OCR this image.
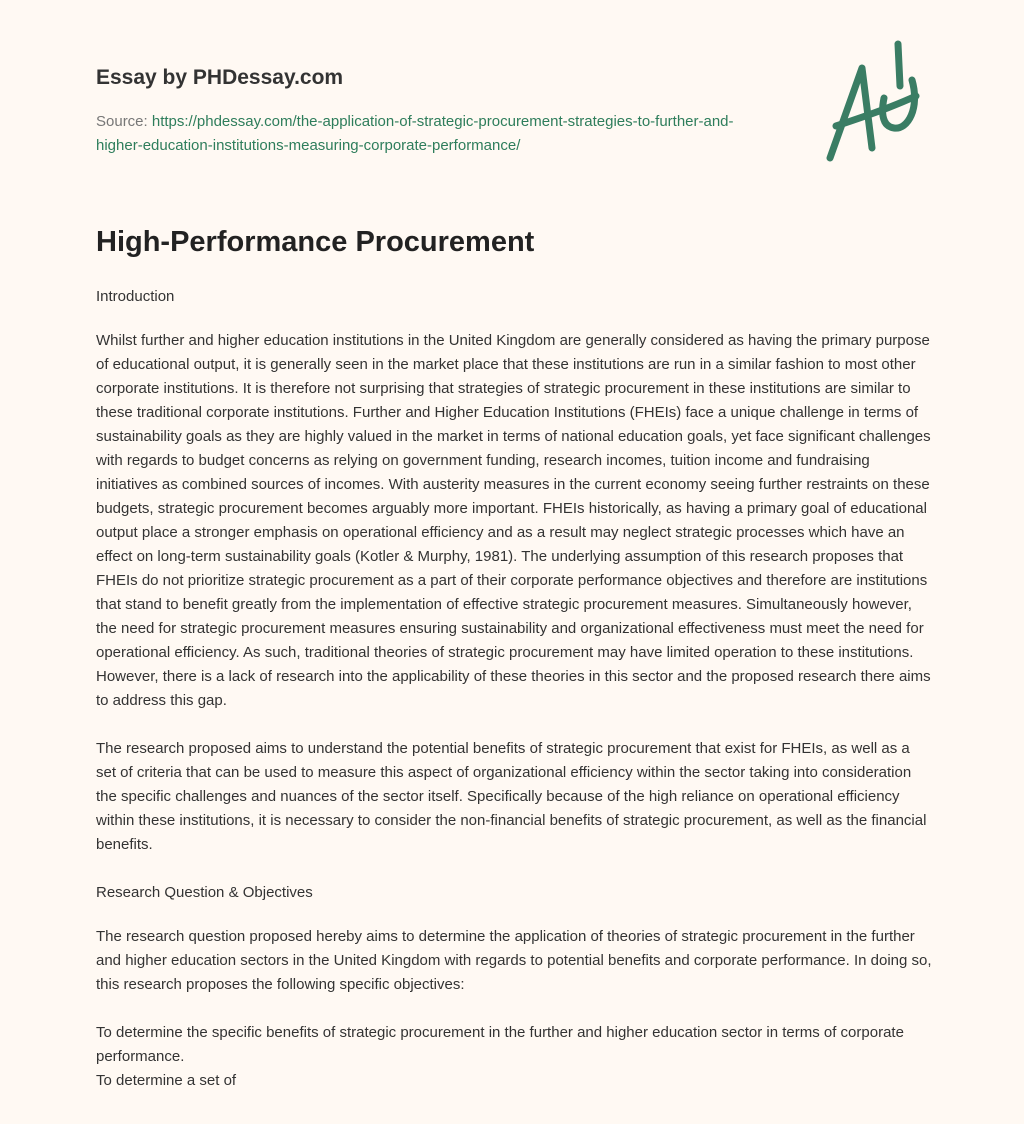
Essay by PHDessay.com

Source: https://phdessay.com/the-application-of-strategic-procurement-strategies-to-further-and-higher-education-institutions-measuring-corporate-performance/
High-Performance Procurement

Introduction

Whilst further and higher education institutions in the United Kingdom are generally considered as having the primary purpose of educational output, it is generally seen in the market place that these institutions are run in a similar fashion to most other corporate institutions. It is therefore not surprising that strategies of strategic procurement in these institutions are similar to these traditional corporate institutions. Further and Higher Education Institutions (FHEIs) face a unique challenge in terms of sustainability goals as they are highly valued in the market in terms of national education goals, yet face significant challenges with regards to budget concerns as relying on government funding, research incomes, tuition income and fundraising initiatives as combined sources of incomes. With austerity measures in the current economy seeing further restraints on these budgets, strategic procurement becomes arguably more important. FHEIs historically, as having a primary goal of educational output place a stronger emphasis on operational efficiency and as a result may neglect strategic processes which have an effect on long-term sustainability goals (Kotler & Murphy, 1981). The underlying assumption of this research proposes that FHEIs do not prioritize strategic procurement as a part of their corporate performance objectives and therefore are institutions that stand to benefit greatly from the implementation of effective strategic procurement measures. Simultaneously however, the need for strategic procurement measures ensuring sustainability and organizational effectiveness must meet the need for operational efficiency. As such, traditional theories of strategic procurement may have limited operation to these institutions. However, there is a lack of research into the applicability of these theories in this sector and the proposed research there aims to address this gap.

The research proposed aims to understand the potential benefits of strategic procurement that exist for FHEIs, as well as a set of criteria that can be used to measure this aspect of organizational efficiency within the sector taking into consideration the specific challenges and nuances of the sector itself. Specifically because of the high reliance on operational efficiency within these institutions, it is necessary to consider the non-financial benefits of strategic procurement, as well as the financial benefits.

Research Question & Objectives

The research question proposed hereby aims to determine the application of theories of strategic procurement in the further and higher education sectors in the United Kingdom with regards to potential benefits and corporate performance. In doing so, this research proposes the following specific objectives:

To determine the specific benefits of strategic procurement in the further and higher education sector in terms of corporate performance.

To determine a set of
